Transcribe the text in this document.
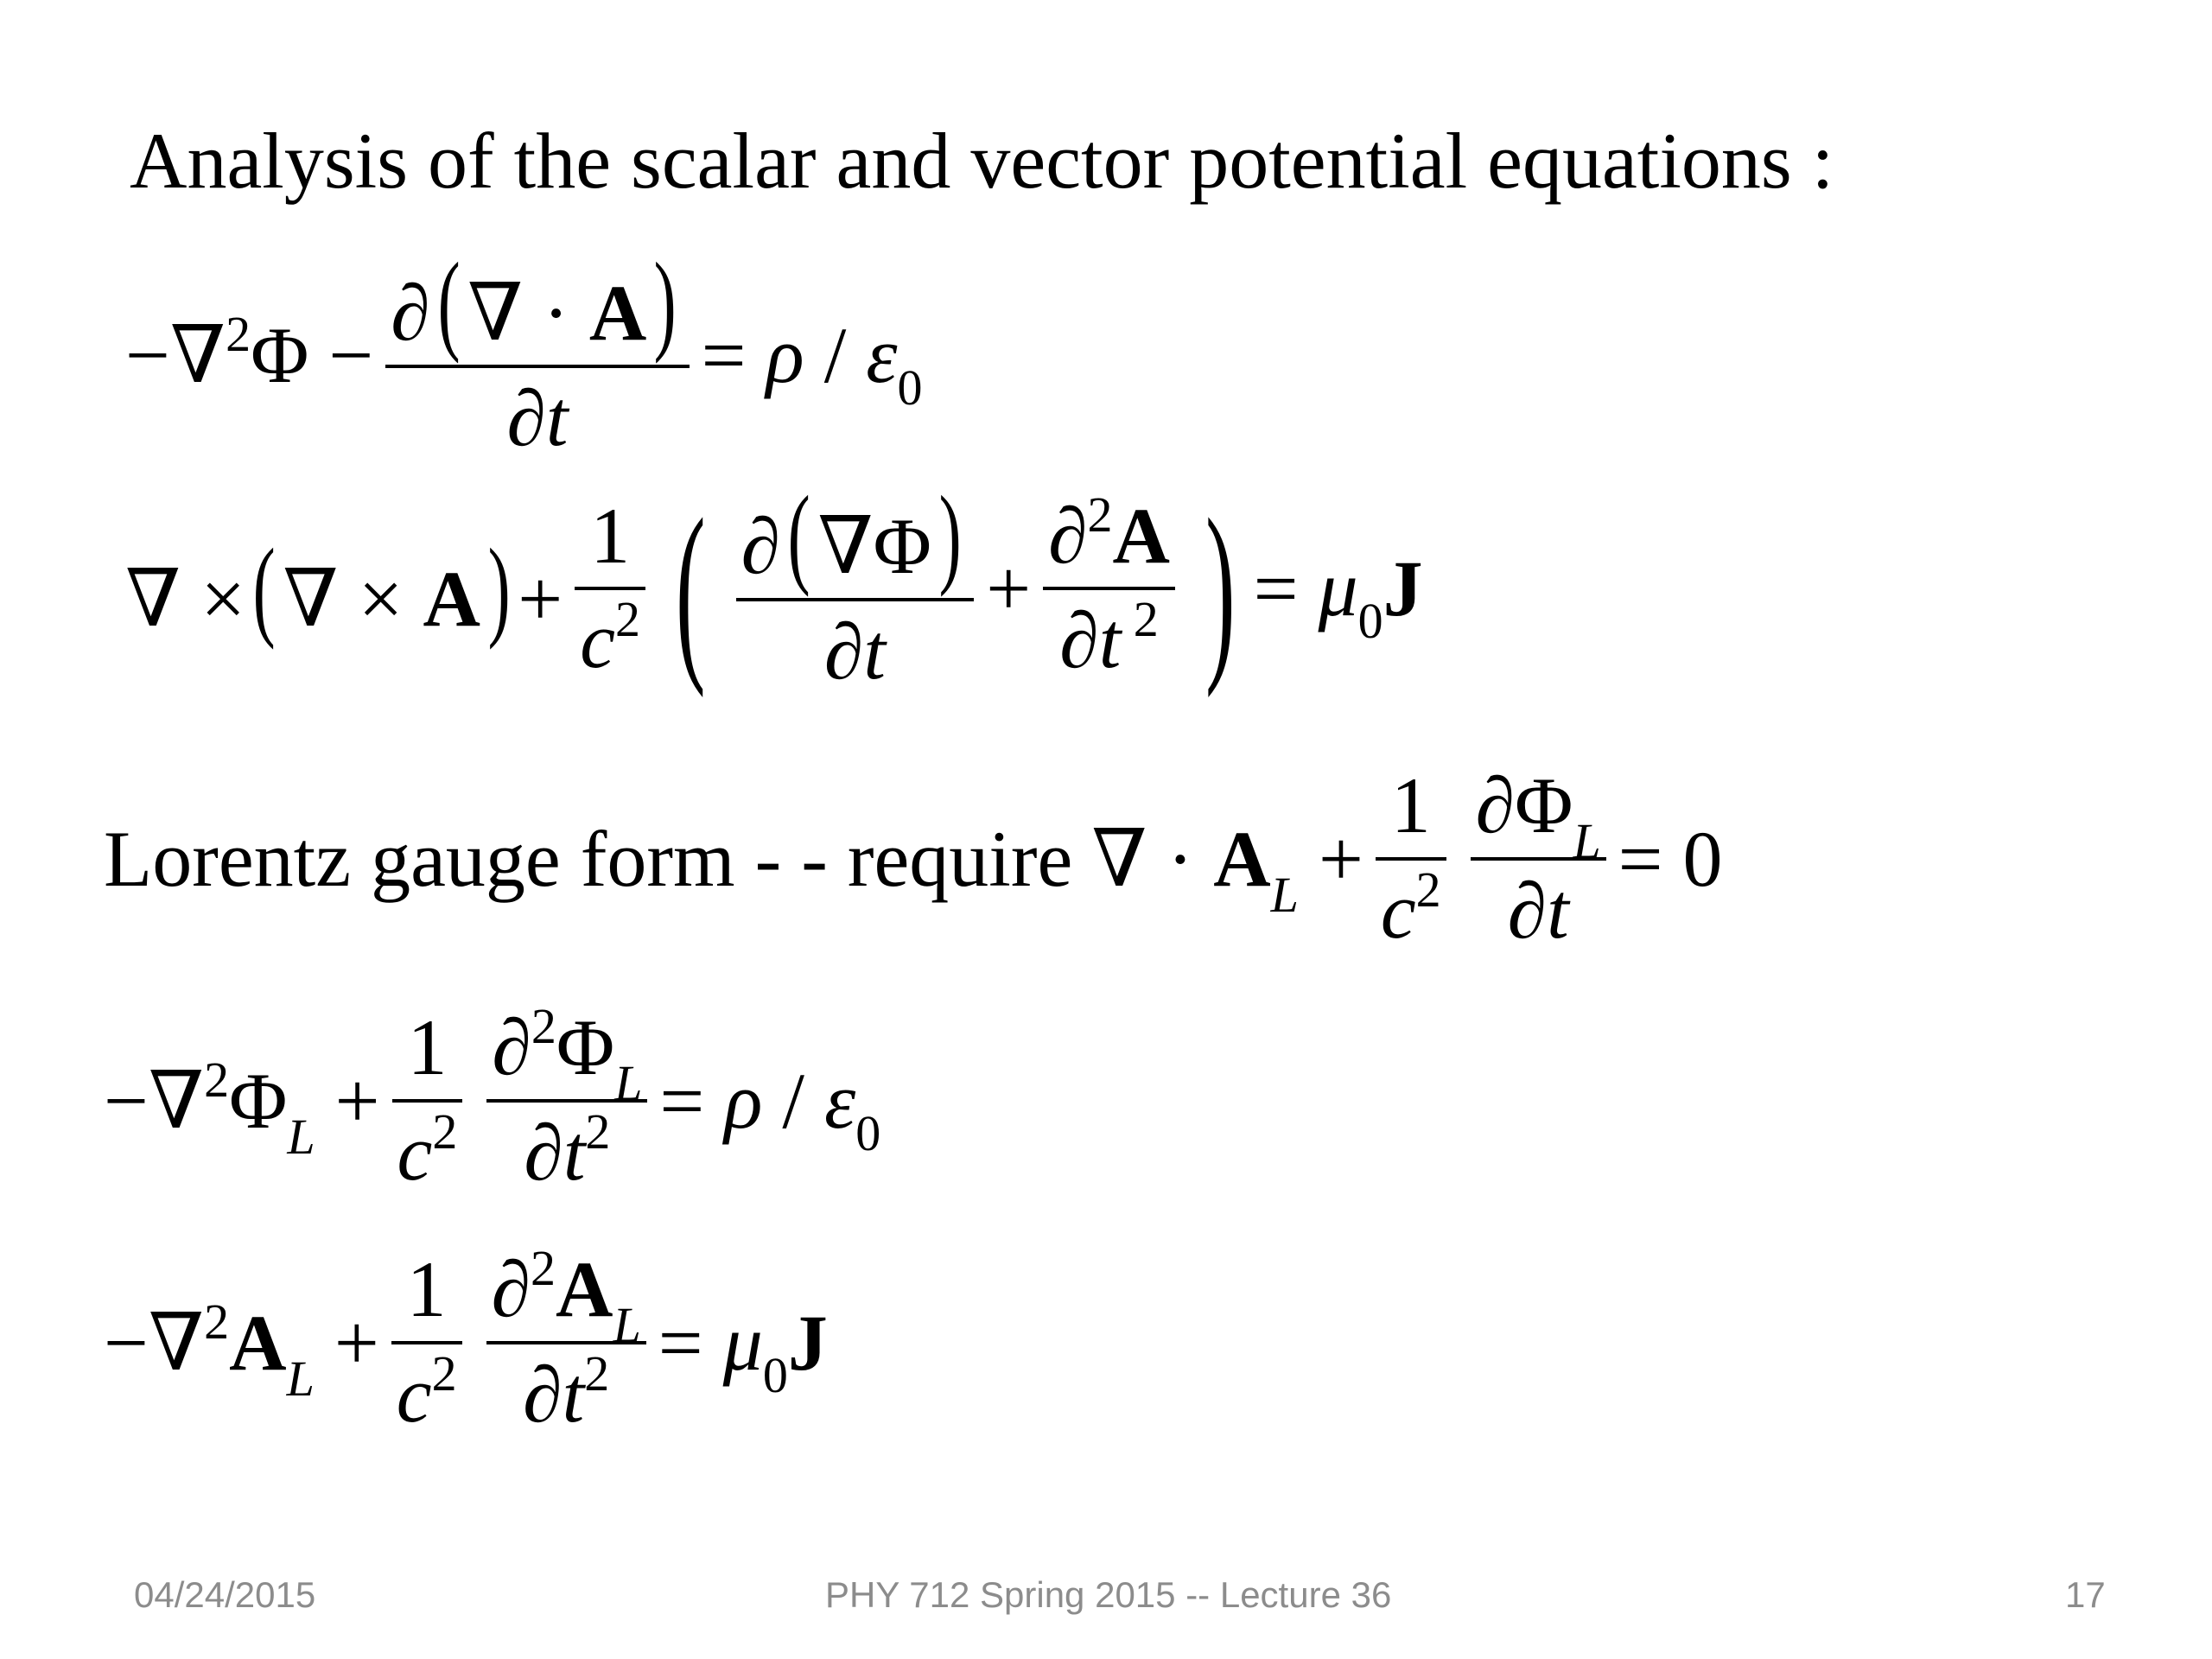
Analysis of the scalar and vector potential equations :
$-\nabla^2\Phi - \frac{\partial(\nabla \cdot A)}{\partial t} = \rho / \varepsilon_0$
∇ ×(∇ × $A)+ \frac{1}{c^2}$ ( $\frac{\partial(\nabla\Phi)}{\partial t} + \frac{\partial^2A}{\partial t ^2}$ ) = $\mu_0J$
Lorentz gauge form - - require ∇ · $A_L + \frac{1}{c^2} \frac{\partial\Phi_L}{\partial t} = 0$
$-\nabla^2\Phi_L + \frac{1}{c^2} \frac{\partial^2\Phi_L}{\partial t^2} = \rho / \varepsilon_0$
$-\nabla^2A_L + \frac{1}{c^2} \frac{\partial^2A_L}{\partial t^2} = \mu_0J$
04/24/2015	PHY 712 Spring 2015 -- Lecture 36	17
